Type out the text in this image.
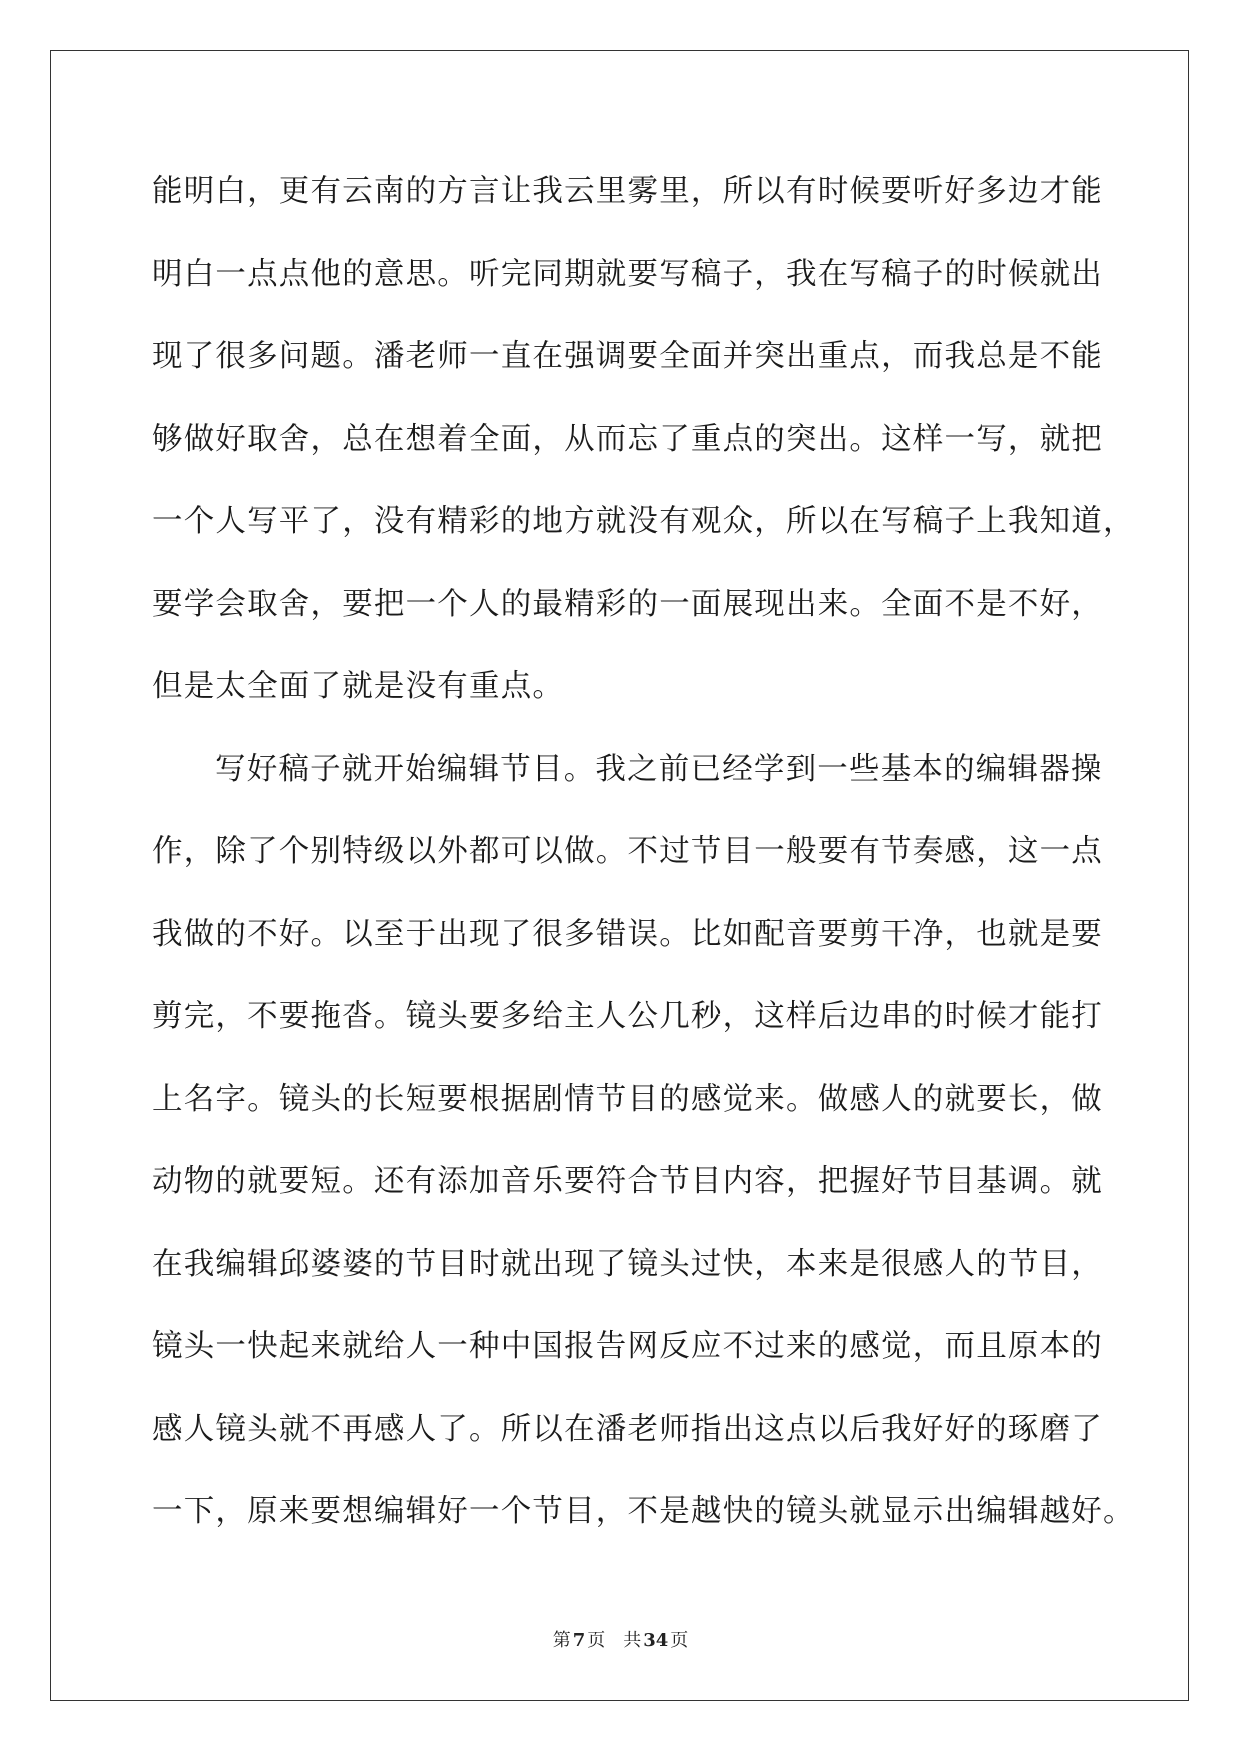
能明白，更有云南的方言让我云里雾里，所以有时候要听好多边才能
明白一点点他的意思。听完同期就要写稿子，我在写稿子的时候就出
现了很多问题。潘老师一直在强调要全面并突出重点，而我总是不能
够做好取舍，总在想着全面，从而忘了重点的突出。这样一写，就把
一个人写平了，没有精彩的地方就没有观众，所以在写稿子上我知道，
要学会取舍，要把一个人的最精彩的一面展现出来。全面不是不好，
但是太全面了就是没有重点。
写好稿子就开始编辑节目。我之前已经学到一些基本的编辑器操
作，除了个别特级以外都可以做。不过节目一般要有节奏感，这一点
我做的不好。以至于出现了很多错误。比如配音要剪干净，也就是要
剪完，不要拖沓。镜头要多给主人公几秒，这样后边串的时候才能打
上名字。镜头的长短要根据剧情节目的感觉来。做感人的就要长，做
动物的就要短。还有添加音乐要符合节目内容，把握好节目基调。就
在我编辑邱婆婆的节目时就出现了镜头过快，本来是很感人的节目，
镜头一快起来就给人一种中国报告网反应不过来的感觉，而且原本的
感人镜头就不再感人了。所以在潘老师指出这点以后我好好的琢磨了
一下，原来要想编辑好一个节目，不是越快的镜头就显示出编辑越好。
第 7 页 共 34 页
